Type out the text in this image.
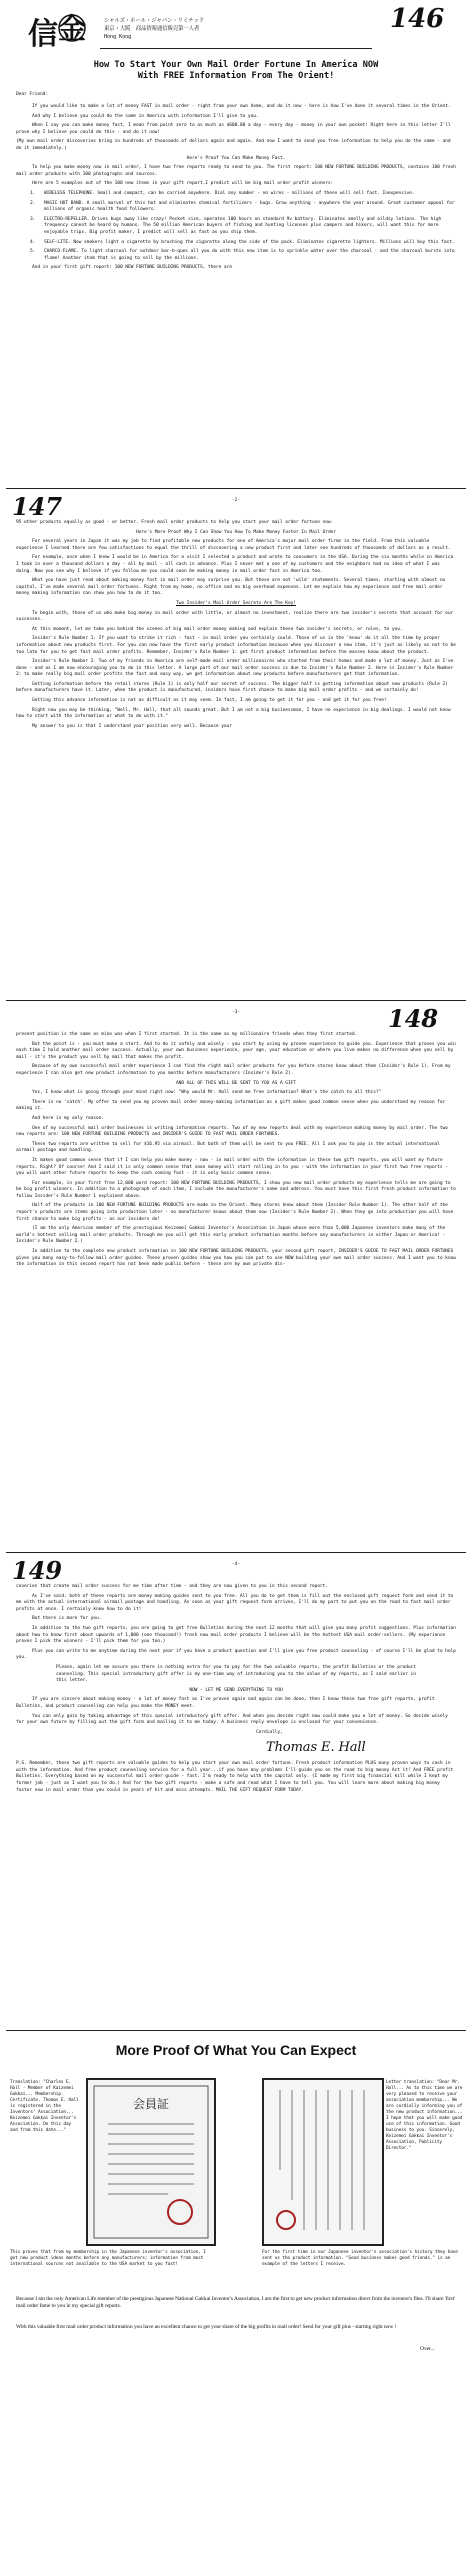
146
信 金	シャルズ・ホール・ジャパン・リミテッド
東京・大阪　商品情報通信販売第一人者
Hong Kong
How To Start Your Own Mail Order Fortune In America NOW
With FREE Information From The Orient!
Dear Friend:

If you would like to make a lot of money FAST in mail order - right from your own home, and do it now - here is how I've done it several times in the Orient.

And why I believe you could do the same in America with information I'll give to you.

When I say you can make money fast, I mean from point zero to as much as $600.00 a day - every day - money in your own pocket! Right here in this letter I'll prove why I believe you could do this - and do it now!

(My own mail order discoveries bring in hundreds of thousands of dollars again and again. And now I want to send you free information to help you do the same - and do it immediately.)

Here's Proof You Can Make Money Fast.

To help you make money now in mail order, I have two free reports ready to send to you. The first report: 100 NEW FORTUNE BUILDING PRODUCTS, contains 100 fresh mail order products with 100 photographs and sources.

Here are 5 examples out of the 100 new items in your gift report.I predict will be big mail order profit winners:

1.	WIRELESS TELEPHONE. Small and compact, can be carried anywhere. Dial any number - no wires - millions of these will sell fast. Inexpensive.
2.	MAGIC HOT BAND. A small marvel of this hot and eliminates chemical fertilizers - bugs. Grow anything - anywhere the year around. Great customer appeal for millions of organic health food followers.
3.	ELECTRO-REPELLER. Drives bugs away like crazy! Pocket size, operates 100 hours on standard 9v battery. Eliminates smelly and oildsy lotions. The high frequency cannot be heard by humans. The 50 million American buyers of fishing and hunting licenses plus campers and hikers, will want this for more enjoyable trips. Big profit maker, I predict will sell as fast as you ship them.
4.	SELF-LITE. Now smokers light a cigarette by brushing the cigarette along the side of the pack. Eliminates cigarette lighters. Millions will buy this fast.
5.	CHARCO-FLAME. To light charcoal for outdoor bar-b-ques all you do with this new item is to sprinkle water over the charcoal - and the charcoal bursts into flame! Another item that is going to sell by the millions.

And in your first gift report: 100 NEW FORTUNE BUILDING PRODUCTS, there are

147	-2-

95 other products equally as good - or better. Fresh mail order products to help you start your mail order fortune now.

Here's More Proof Why I Can Show You How To Make Money Faster In Mail Order

For several years in Japan it was my job to find profitable new products for one of America's major mail order firms in the field. From this valuable experience I learned there are few satisfactions to equal the thrill of discovering a new product first and later see hundreds of thousands of dollars as a result.

For example, once when I knew I would be in America for a visit I selected a product and wrote to consumers in the USA. During the six months while in America I took in over a thousand dollars a day - all by mail - all cash in advance. Plus I never met a one of my customers and the neighbors had no idea of what I was doing. Now you see why I believe if you follow me you could soon be making money in mail order fast in America too.

What you have just read about making money fast in mail order may surprise you. But these are not 'wild' statements. Several times, starting with almost no capital, I've made several mail order fortunes. Right from my home, no office and no big overhead expenses. Let me explain how my experience and free mail order money making information can show you how to do it too.

Two Insider's Mail Order Secrets Are The Key!

To begin with, those of us who make big money in mail order with little, or almost no investment, realize there are two insider's secrets that account for our successes.

At this moment, let me take you behind the scenes of big mail order money making and explain these two insider's secrets, or rules, to you.

Insider's Rule Number 1. If you want to strike it rich - fast - in mail order you certainly could. Those of us in the 'know' do it all the time by proper information about new products first. For you can now have the first early product information because when you discover a new item, it's just as likely as not to be too late for you to get fast mail order profits. Remember, Insider's Rule Number 1: get first product information before the masses know about the product.

Insider's Rule Number 2. Two of my friends in America are self-made mail order millionaires who started from their homes and made a lot of money. Just as I've done - and as I am now encouraging you to do in this letter. A large part of our mail order success is due to Insider's Rule Number 2. Here is Insider's Rule Number 2: to make really big mail order profits the fast and easy way, we get information about new products before manufacturers get that information.

Getting information before the retail stores (Rule 1) is only half our secret of success. The bigger half is getting information about new products (Rule 2) before manufacturers have it. Later, when the product is manufactured, insiders have first chance to make big mail order profits - and we certainly do!

Getting this advance information is not as difficult as it may seem. In fact, I am going to get it for you - and get it for you free!

Right now you may be thinking, "Well, Mr. Hall, that all sounds great. But I am not a big businessman, I have no experience in big dealings. I would not know how to start with the information or what to do with it."

My answer to you is that I understand your position very well. Because your

148
-3-

present position is the same as mine was when I first started. It is the same as my millionaire friends when they first started.

But the point is - you must make a start. And to do it safely and wisely - you start by using my proven experience to guide you. Experience that proves you win each time I hold another mail order success. Actually, your own business experience, your age, your education or where you live makes no difference when you sell by mail - it's the product you sell by mail that makes the profit.

Because of my own successful mail order experience I can find the right mail order products for you before stores know about them (Insider's Rule 1). From my experience I can also get new product information to you months before manufacturers (Insider's Rule 2).

AND ALL OF THIS WILL BE SENT TO YOU AS A GIFT

Yes, I know what is going through your mind right now: "Why would Mr. Hall send me free information? What's the catch to all this?"

There is no 'catch'. My offer to send you my proven mail order money-making information as a gift makes good common sense when you understand my reason for making it.

And here is my only reason.

One of my successful mail order businesses is writing information reports. Two of my new reports deal with my experience making money by mail order. The two new reports are: 100 NEW FORTUNE BUILDING PRODUCTS and INSIDER'S GUIDE TO FAST MAIL ORDER FORTUNES.

These two reports are written to sell for $16.95 via airmail. But both of them will be sent to you FREE. All I ask you to pay is the actual international airmail postage and handling.

It makes good common sense that if I can help you make money - now - in mail order with the information in these two gift reports, you will want my future reports. Right? Of course! And I said it is only common sense that soon money will start rolling in to you - with the information in your first two free reports - you will want other future reports to keep the cash coming fast - it is only basic common sense.

For example, in your first free 12,000 word report: 100 NEW FORTUNE BUILDING PRODUCTS, I show you new mail order products my experience tells me are going to be big profit winners. In addition to a photograph of each item, I include the manufacturer's name and address. You must have this first fresh product information to follow Insider's Rule Number 1 explained above.

Half of the products in 100 NEW FORTUNE BUILDING PRODUCTS are made in the Orient. Many stores know about them (Insider Rule Number 1). The other half of the report's products are items going into production later - no manufacturer knows about them now (Insider's Rule Number 2). When they go into production you will have first chance to make big profits - as our insiders do!

(I am the only American member of the prestigious Keizemei Gakkai Inventor's Association in Japan whose more than 5,000 Japanese inventors make many of the world's hottest selling mail order products. Through me you will get this early product information months before any manufacturers in either Japan or America! - Insider's Rule Number 2.)

In addition to the complete new product information in 100 NEW FORTUNE BUILDING PRODUCTS, your second gift report, INSIDER'S GUIDE TO FAST MAIL ORDER FORTUNES gives you many easy-to-follow mail order guides. These proven guides show you how you can put to use NOW building your own mail order success. And I want you to know the information in this second report has not been made public before - these are my own private dis-

149	-4-

coveries that create mail order success for me time after time - and they are now given to you in this second report.

As I've said, both of these reports are money making guides sent to you free. All you do to get them is fill out the enclosed gift request form and send it to me with the actual international airmail postage and handling. As soon as your gift request form arrives, I'll do my part to put you on the road to fast mail order profits at once. I certainly know how to do it!

But there is more for you.

In addition to the two gift reports, you are going to get free Bulletins during the next 12 months that will give you many profit suggestions. Plus information about how to know first about upwards of 1,000 (one thousand!) fresh new mail order products I believe will be the hottest USA mail order-sellers. (My experience proves I pick the winners - I'll pick them for you too.)

Plus you can write to me anytime during the next year if you have a product question and I'll give you free product counseling - of course I'll be glad to help you.

Please, again let me assure you there is nothing extra for you to pay for the two valuable reports, the profit Bulletins or the product counseling. This special introductory gift offer is my one-time way of introducing you to the value of my reports, as I said earlier in this letter.

NOW - LET ME SEND EVERYTHING TO YOU

If you are sincere about making money - a lot of money fast as I've proven again and again can be done, then I know these two free gift reports, profit Bulletins, and product counseling can help you make the MONEY meet.

You can only gain by taking advantage of this special introductory gift offer. And when you decide right now could make you a lot of money. So decide wisely for your own future by filling out the gift form and mailing it to me today. A business reply envelope is enclosed for your convenience.

Cordially,

Thomas E. Hall

P.S. Remember, these two gift reports are valuable guides to help you start your own mail order fortune. Fresh product information PLUS many proven ways to cash in with the information. And free product counseling service for a full year...if you have any problems I'll guide you on the road to big money Act it! And FREE profit Bulletins. Everything based on my successful mail order guide - fast. I'm ready to help with the capital only. (I made my first big financial kill while I kept my former job - just as I want you to do.) And for the two gift reports - make a safe and read what I have to tell you. You will learn more about making big money faster now in mail order than you could in years of hit and miss attempts. MAIL THE GIFT REQUEST FORM TODAY.

More Proof Of What You Can Expect
Translation: "Charles E. Hall - Member of Kaizemei Gakkai... Membership Certificate. Thomas E. Hall is registered in the Inventors' Association... Keizemei Gakkai Inventor's Association. On this day and from this date..."
会員証
Letter translation: "Dear Mr. Hall... As to this time we are very pleased to receive your association membership... We are cordially informing you of the new product information... I hope that you will make good use of this information. Good business to you. Sincerely, Keizemei Gakkai Inventor's Association, Publicity Director."
This proves that from my membership in the Japanese inventor's association, I get new product ideas months before any manufacturers; information from most international sources not available to the USA market to you fast!
For the first time in our Japanese inventor's association's history they have sent us the product information. "Good business makes good friends." is an example of the letters I receive.
Because I am the only American Life member of the prestigious Japanese National Gakkai Inventor's Association, I am the first to get new product information direct from the inventor's files. I'll share 'first' mail order fame to you in my special gift reports.
With this valuable first mail order product information you have an excellent chance to get your share of the big profits in mail order! Send for your gift plus - starting right now !
Over...
